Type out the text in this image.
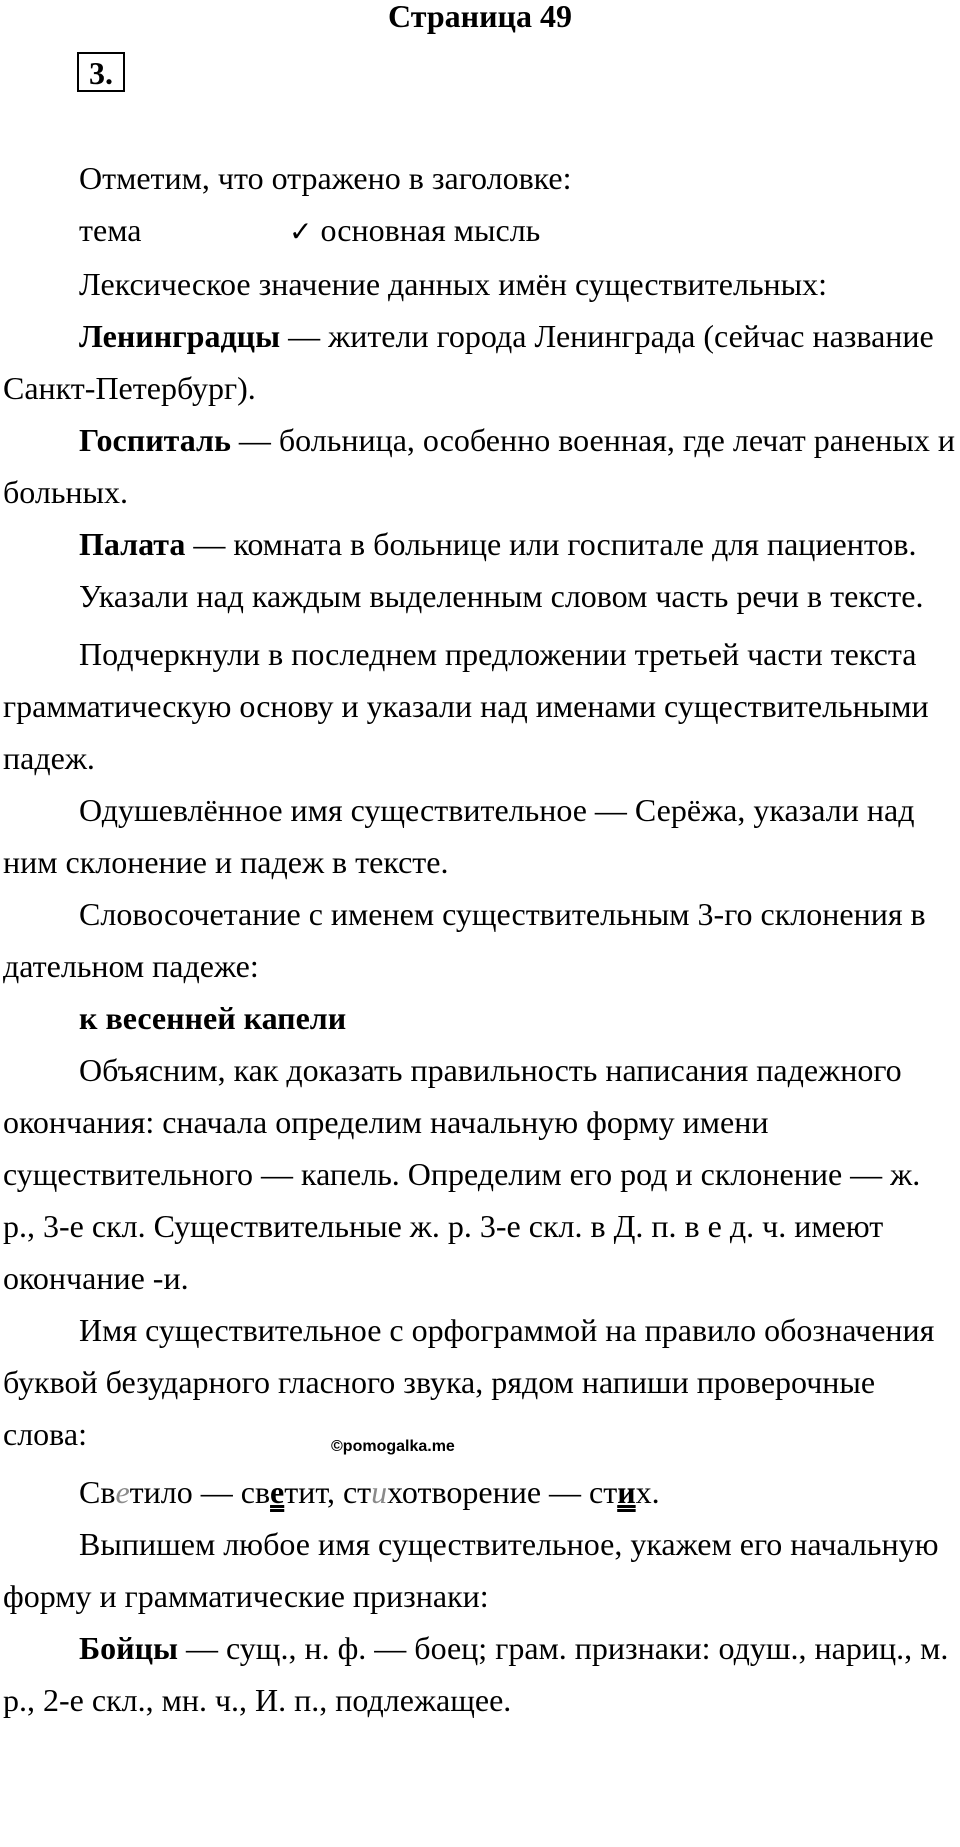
Страница 49
3.

Отметим, что отражено в заголовке:

тема	✓ основная мысль

Лексическое значение данных имён существительных:

Ленинградцы — жители города Ленинграда (сейчас название Санкт-Петербург).

Госпиталь — больница, особенно военная, где лечат раненых и больных.

Палата — комната в больнице или госпитале для пациентов.

Указали над каждым выделенным словом часть речи в тексте.

Подчеркнули в последнем предложении третьей части текста грамматическую основу и указали над именами существительными падеж.

Одушевлённое имя существительное — Серёжа, указали над ним склонение и падеж в тексте.

Словосочетание с именем существительным 3-го склонения в дательном падеже:

к весенней капели

Объясним, как доказать правильность написания падежного окончания: сначала определим начальную форму имени существительного — капель. Определим его род и склонение — ж. р., 3-е скл. Существительные ж. р. 3-е скл. в Д. п. в е д. ч. имеют окончание -и.

Имя существительное с орфограммой на правило обозначения буквой безударного гласного звука, рядом напиши проверочные слова:

Светило — светит, стихотворение — стих.

Выпишем любое имя существительное, укажем его начальную форму и грамматические признаки:

Бойцы — сущ., н. ф. — боец; грам. признаки: одуш., нариц., м. р., 2-е скл., мн. ч., И. п., подлежащее.

©pomogalka.me
